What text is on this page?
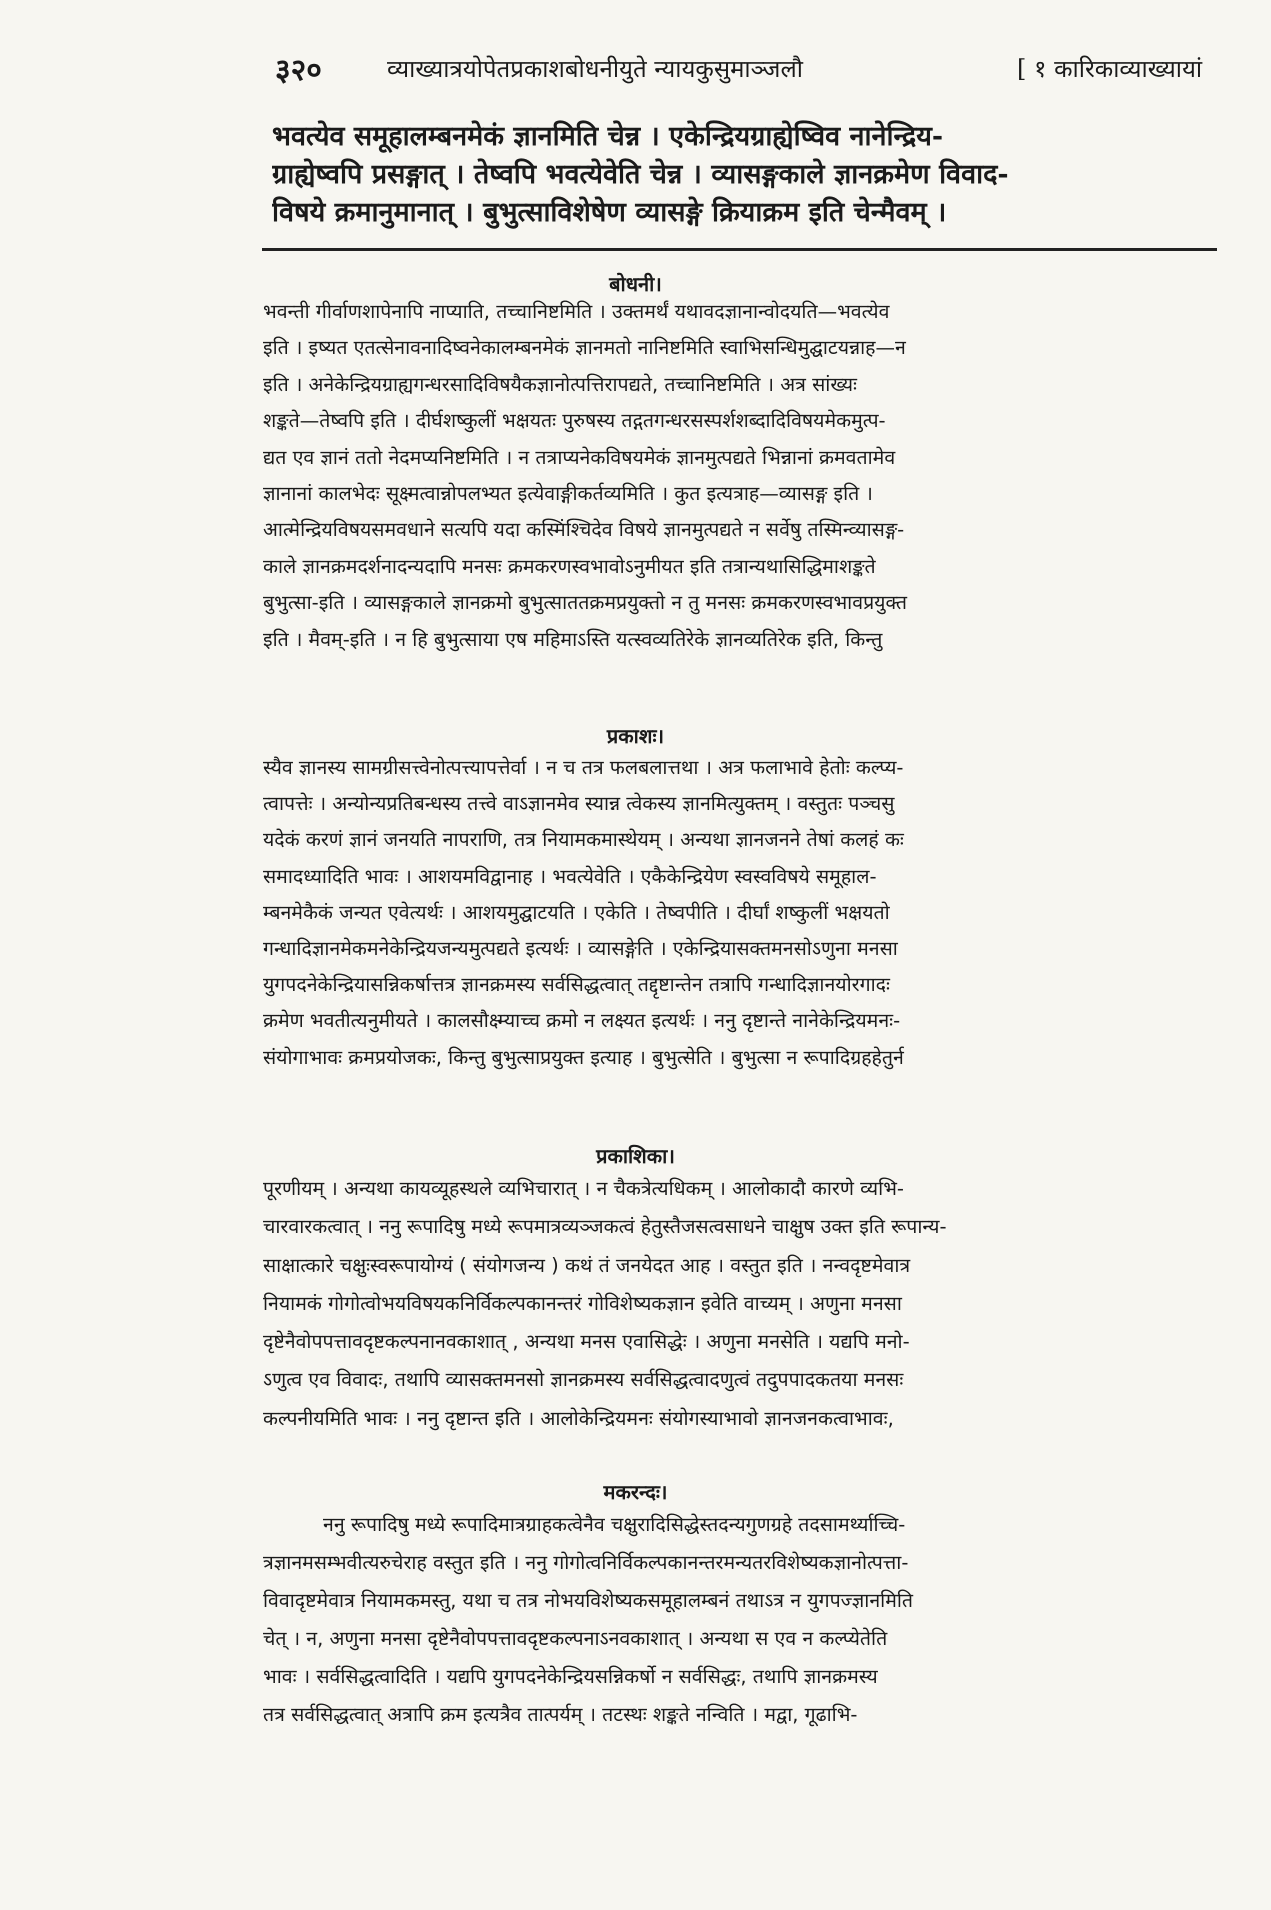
३२०	व्याख्यात्रयोपेतप्रकाशबोधनीयुते न्यायकुसुमाञ्जलौ	[ १ कारिकाव्याख्यायां
भवत्येव समूहालम्बनमेकं ज्ञानमिति चेन्न । एकेन्द्रियग्राह्येष्विव नानेन्द्रिय-
ग्राह्येष्वपि प्रसङ्गात् । तेष्वपि भवत्येवेति चेन्न । व्यासङ्गकाले ज्ञानक्रमेण विवाद-
विषये क्रमानुमानात् । बुभुत्साविशेषेण व्यासङ्गे क्रियाक्रम इति चेन्मैवम् ।
बोधनी।
भवन्ती गीर्वाणशापेनापि नाप्याति, तच्चानिष्टमिति । उक्तमर्थं यथावदज्ञानान्वोदयति—भवत्येव
इति । इष्यत एतत्सेनावनादिष्वनेकालम्बनमेकं ज्ञानमतो नानिष्टमिति स्वाभिसन्धिमुद्घाटयन्नाह—न
इति । अनेकेन्द्रियग्राह्यगन्धरसादिविषयैकज्ञानोत्पत्तिरापद्यते, तच्चानिष्टमिति । अत्र सांख्यः
शङ्कते—तेष्वपि इति । दीर्घशष्कुलीं भक्षयतः पुरुषस्य तद्गतगन्धरसस्पर्शशब्दादिविषयमेकमुत्प-
द्यत एव ज्ञानं ततो नेदमप्यनिष्टमिति । न तत्राप्यनेकविषयमेकं ज्ञानमुत्पद्यते भिन्नानां क्रमवतामेव
ज्ञानानां कालभेदः सूक्ष्मत्वान्नोपलभ्यत इत्येवाङ्गीकर्तव्यमिति । कुत इत्यत्राह—व्यासङ्ग इति ।
आत्मेन्द्रियविषयसमवधाने सत्यपि यदा कस्मिंश्चिदेव विषये ज्ञानमुत्पद्यते न सर्वेषु तस्मिन्व्यासङ्ग-
काले ज्ञानक्रमदर्शनादन्यदापि मनसः क्रमकरणस्वभावोऽनुमीयत इति तत्रान्यथासिद्धिमाशङ्कते
बुभुत्सा-इति । व्यासङ्गकाले ज्ञानक्रमो बुभुत्साततक्रमप्रयुक्तो न तु मनसः क्रमकरणस्वभावप्रयुक्त
इति । मैवम्-इति । न हि बुभुत्साया एष महिमाऽस्ति यत्स्वव्यतिरेके ज्ञानव्यतिरेक इति, किन्तु
प्रकाशः।
स्यैव ज्ञानस्य सामग्रीसत्त्वेनोत्पत्त्यापत्तेर्वा । न च तत्र फलबलात्तथा । अत्र फलाभावे हेतोः कल्प्य-
त्वापत्तेः । अन्योन्यप्रतिबन्धस्य तत्त्वे वाऽज्ञानमेव स्यान्न त्वेकस्य ज्ञानमित्युक्तम् । वस्तुतः पञ्चसु
यदेकं करणं ज्ञानं जनयति नापराणि, तत्र नियामकमास्थेयम् । अन्यथा ज्ञानजनने तेषां कलहं कः
समादध्यादिति भावः । आशयमविद्वानाह । भवत्येवेति । एकैकेन्द्रियेण स्वस्वविषये समूहाल-
म्बनमेकैकं जन्यत एवेत्यर्थः । आशयमुद्घाटयति । एकेति । तेष्वपीति । दीर्घां शष्कुलीं भक्षयतो
गन्धादिज्ञानमेकमनेकेन्द्रियजन्यमुत्पद्यते इत्यर्थः । व्यासङ्गेति । एकेन्द्रियासक्तमनसोऽणुना मनसा
युगपदनेकेन्द्रियासन्निकर्षात्तत्र ज्ञानक्रमस्य सर्वसिद्धत्वात् तद्दृष्टान्तेन तत्रापि गन्धादिज्ञानयोरगादः
क्रमेण भवतीत्यनुमीयते । कालसौक्ष्म्याच्च क्रमो न लक्ष्यत इत्यर्थः । ननु दृष्टान्ते नानेकेन्द्रियमनः-
संयोगाभावः क्रमप्रयोजकः, किन्तु बुभुत्साप्रयुक्त इत्याह । बुभुत्सेति । बुभुत्सा न रूपादिग्रहहेतुर्न
प्रकाशिका।
पूरणीयम् । अन्यथा कायव्यूहस्थले व्यभिचारात् । न चैकत्रेत्यधिकम् । आलोकादौ कारणे व्यभि-
चारवारकत्वात् । ननु रूपादिषु मध्ये रूपमात्रव्यञ्जकत्वं हेतुस्तैजसत्वसाधने चाक्षुष उक्त इति रूपान्य-
साक्षात्कारे चक्षुःस्वरूपायोग्यं ( संयोगजन्य ) कथं तं जनयेदत आह । वस्तुत इति । नन्वदृष्टमेवात्र
नियामकं गोगोत्वोभयविषयकनिर्विकल्पकानन्तरं गोविशेष्यकज्ञान इवेति वाच्यम् । अणुना मनसा
दृष्टेनैवोपपत्तावदृष्टकल्पनानवकाशात् , अन्यथा मनस एवासिद्धेः । अणुना मनसेति । यद्यपि मनो-
ऽणुत्व एव विवादः, तथापि व्यासक्तमनसो ज्ञानक्रमस्य सर्वसिद्धत्वादणुत्वं तदुपपादकतया मनसः
कल्पनीयमिति भावः । ननु दृष्टान्त इति । आलोकेन्द्रियमनः संयोगस्याभावो ज्ञानजनकत्वाभावः,
मकरन्दः।
ननु रूपादिषु मध्ये रूपादिमात्रग्राहकत्वेनैव चक्षुरादिसिद्धेस्तदन्यगुणग्रहे तदसामर्थ्याच्चि-
त्रज्ञानमसम्भवीत्यरुचेराह वस्तुत इति । ननु गोगोत्वनिर्विकल्पकानन्तरमन्यतरविशेष्यकज्ञानोत्पत्ता-
विवादृष्टमेवात्र नियामकमस्तु, यथा च तत्र नोभयविशेष्यकसमूहालम्बनं तथाऽत्र न युगपज्ज्ञानमिति
चेत् । न, अणुना मनसा दृष्टेनैवोपपत्तावदृष्टकल्पनाऽनवकाशात् । अन्यथा स एव न कल्प्येतेति
भावः । सर्वसिद्धत्वादिति । यद्यपि युगपदनेकेन्द्रियसन्निकर्षो न सर्वसिद्धः, तथापि ज्ञानक्रमस्य
तत्र सर्वसिद्धत्वात् अत्रापि क्रम इत्यत्रैव तात्पर्यम् । तटस्थः शङ्कते नन्विति । मद्वा, गूढाभि-
